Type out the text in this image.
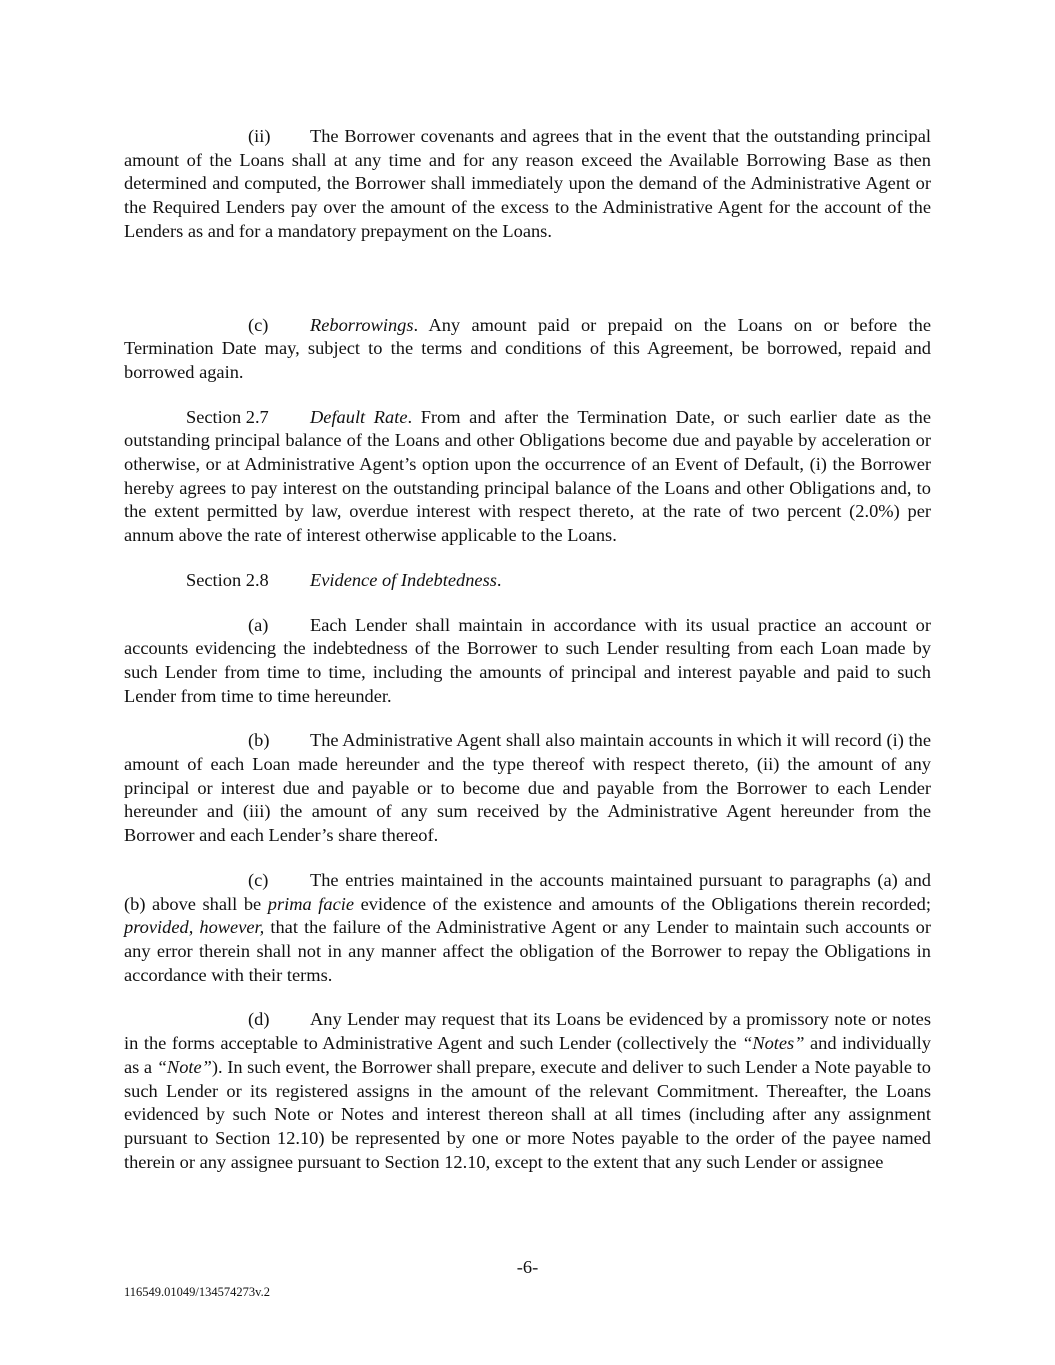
(ii) The Borrower covenants and agrees that in the event that the outstanding principal amount of the Loans shall at any time and for any reason exceed the Available Borrowing Base as then determined and computed, the Borrower shall immediately upon the demand of the Administrative Agent or the Required Lenders pay over the amount of the excess to the Administrative Agent for the account of the Lenders as and for a mandatory prepayment on the Loans.

(c) Reborrowings. Any amount paid or prepaid on the Loans on or before the Termination Date may, subject to the terms and conditions of this Agreement, be borrowed, repaid and borrowed again.

Section 2.7 Default Rate. From and after the Termination Date, or such earlier date as the outstanding principal balance of the Loans and other Obligations become due and payable by acceleration or otherwise, or at Administrative Agent’s option upon the occurrence of an Event of Default, (i) the Borrower hereby agrees to pay interest on the outstanding principal balance of the Loans and other Obligations and, to the extent permitted by law, overdue interest with respect thereto, at the rate of two percent (2.0%) per annum above the rate of interest otherwise applicable to the Loans.

Section 2.8 Evidence of Indebtedness.

(a) Each Lender shall maintain in accordance with its usual practice an account or accounts evidencing the indebtedness of the Borrower to such Lender resulting from each Loan made by such Lender from time to time, including the amounts of principal and interest payable and paid to such Lender from time to time hereunder.

(b) The Administrative Agent shall also maintain accounts in which it will record (i) the amount of each Loan made hereunder and the type thereof with respect thereto, (ii) the amount of any principal or interest due and payable or to become due and payable from the Borrower to each Lender hereunder and (iii) the amount of any sum received by the Administrative Agent hereunder from the Borrower and each Lender’s share thereof.

(c) The entries maintained in the accounts maintained pursuant to paragraphs (a) and (b) above shall be prima facie evidence of the existence and amounts of the Obligations therein recorded; provided, however, that the failure of the Administrative Agent or any Lender to maintain such accounts or any error therein shall not in any manner affect the obligation of the Borrower to repay the Obligations in accordance with their terms.

(d) Any Lender may request that its Loans be evidenced by a promissory note or notes in the forms acceptable to Administrative Agent and such Lender (collectively the “Notes” and individually as a “Note”). In such event, the Borrower shall prepare, execute and deliver to such Lender a Note payable to such Lender or its registered assigns in the amount of the relevant Commitment. Thereafter, the Loans evidenced by such Note or Notes and interest thereon shall at all times (including after any assignment pursuant to Section 12.10) be represented by one or more Notes payable to the order of the payee named therein or any assignee pursuant to Section 12.10, except to the extent that any such Lender or assignee

-6-
116549.01049/134574273v.2
